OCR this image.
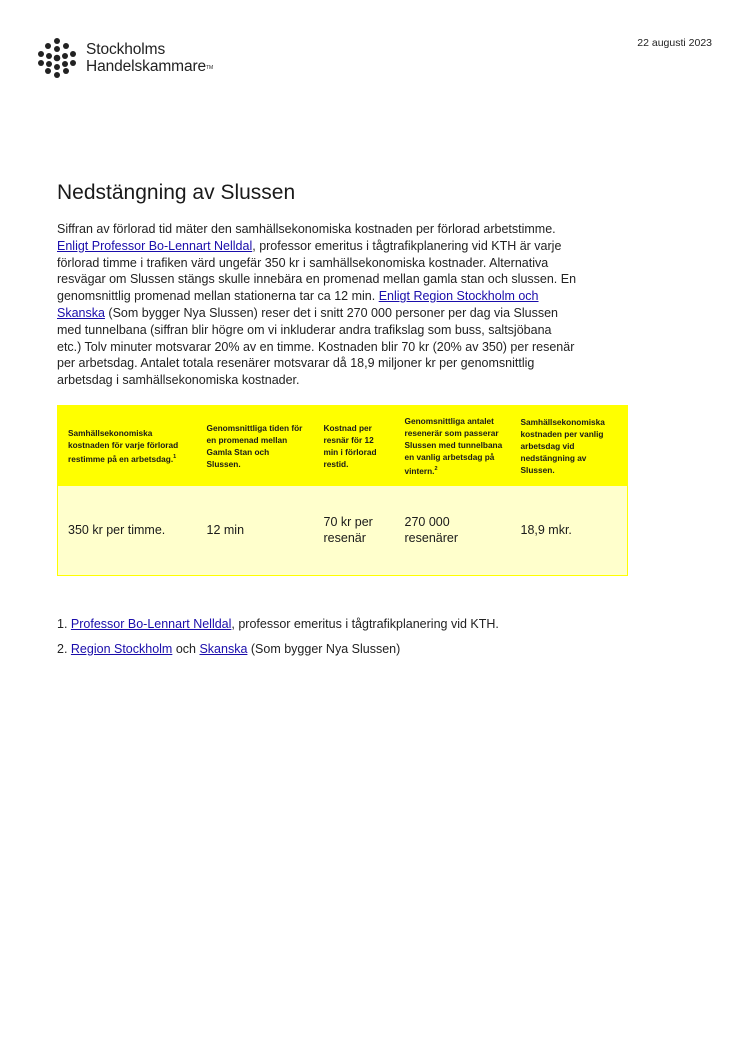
Stockholms
Handelskammare™
22 augusti 2023
Nedstängning av Slussen

Siffran av förlorad tid mäter den samhällsekonomiska kostnaden per förlorad arbetstimme. Enligt Professor Bo-Lennart Nelldal, professor emeritus i tågtrafikplanering vid KTH är varje förlorad timme i trafiken värd ungefär 350 kr i samhällsekonomiska kostnader. Alternativa resvägar om Slussen stängs skulle innebära en promenad mellan gamla stan och slussen. En genomsnittlig promenad mellan stationerna tar ca 12 min. Enligt Region Stockholm och Skanska (Som bygger Nya Slussen) reser det i snitt 270 000 personer per dag via Slussen med tunnelbana (siffran blir högre om vi inkluderar andra trafikslag som buss, saltsjöbana etc.) Tolv minuter motsvarar 20% av en timme. Kostnaden blir 70 kr (20% av 350) per resenär per arbetsdag. Antalet totala resenärer motsvarar då 18,9 miljoner kr per genomsnittlig arbetsdag i samhällsekonomiska kostnader.

Samhällsekonomiska kostnaden för varje förlorad restimme på en arbetsdag.$^1$	Genomsnittliga tiden för en promenad mellan Gamla Stan och Slussen.	Kostnad per resnär för 12 min i förlorad restid.	Genomsnittliga antalet resenerär som passerar Slussen med tunnelbana en vanlig arbetsdag på vintern.$^2$	Samhällsekonomiska kostnaden per vanlig arbetsdag vid nedstängning av Slussen.
350 kr per timme.	12 min	70 kr per resenär	270 000 resenärer	18,9 mkr.
1. Professor Bo-Lennart Nelldal, professor emeritus i tågtrafikplanering vid KTH.
2. Region Stockholm och Skanska (Som bygger Nya Slussen)
